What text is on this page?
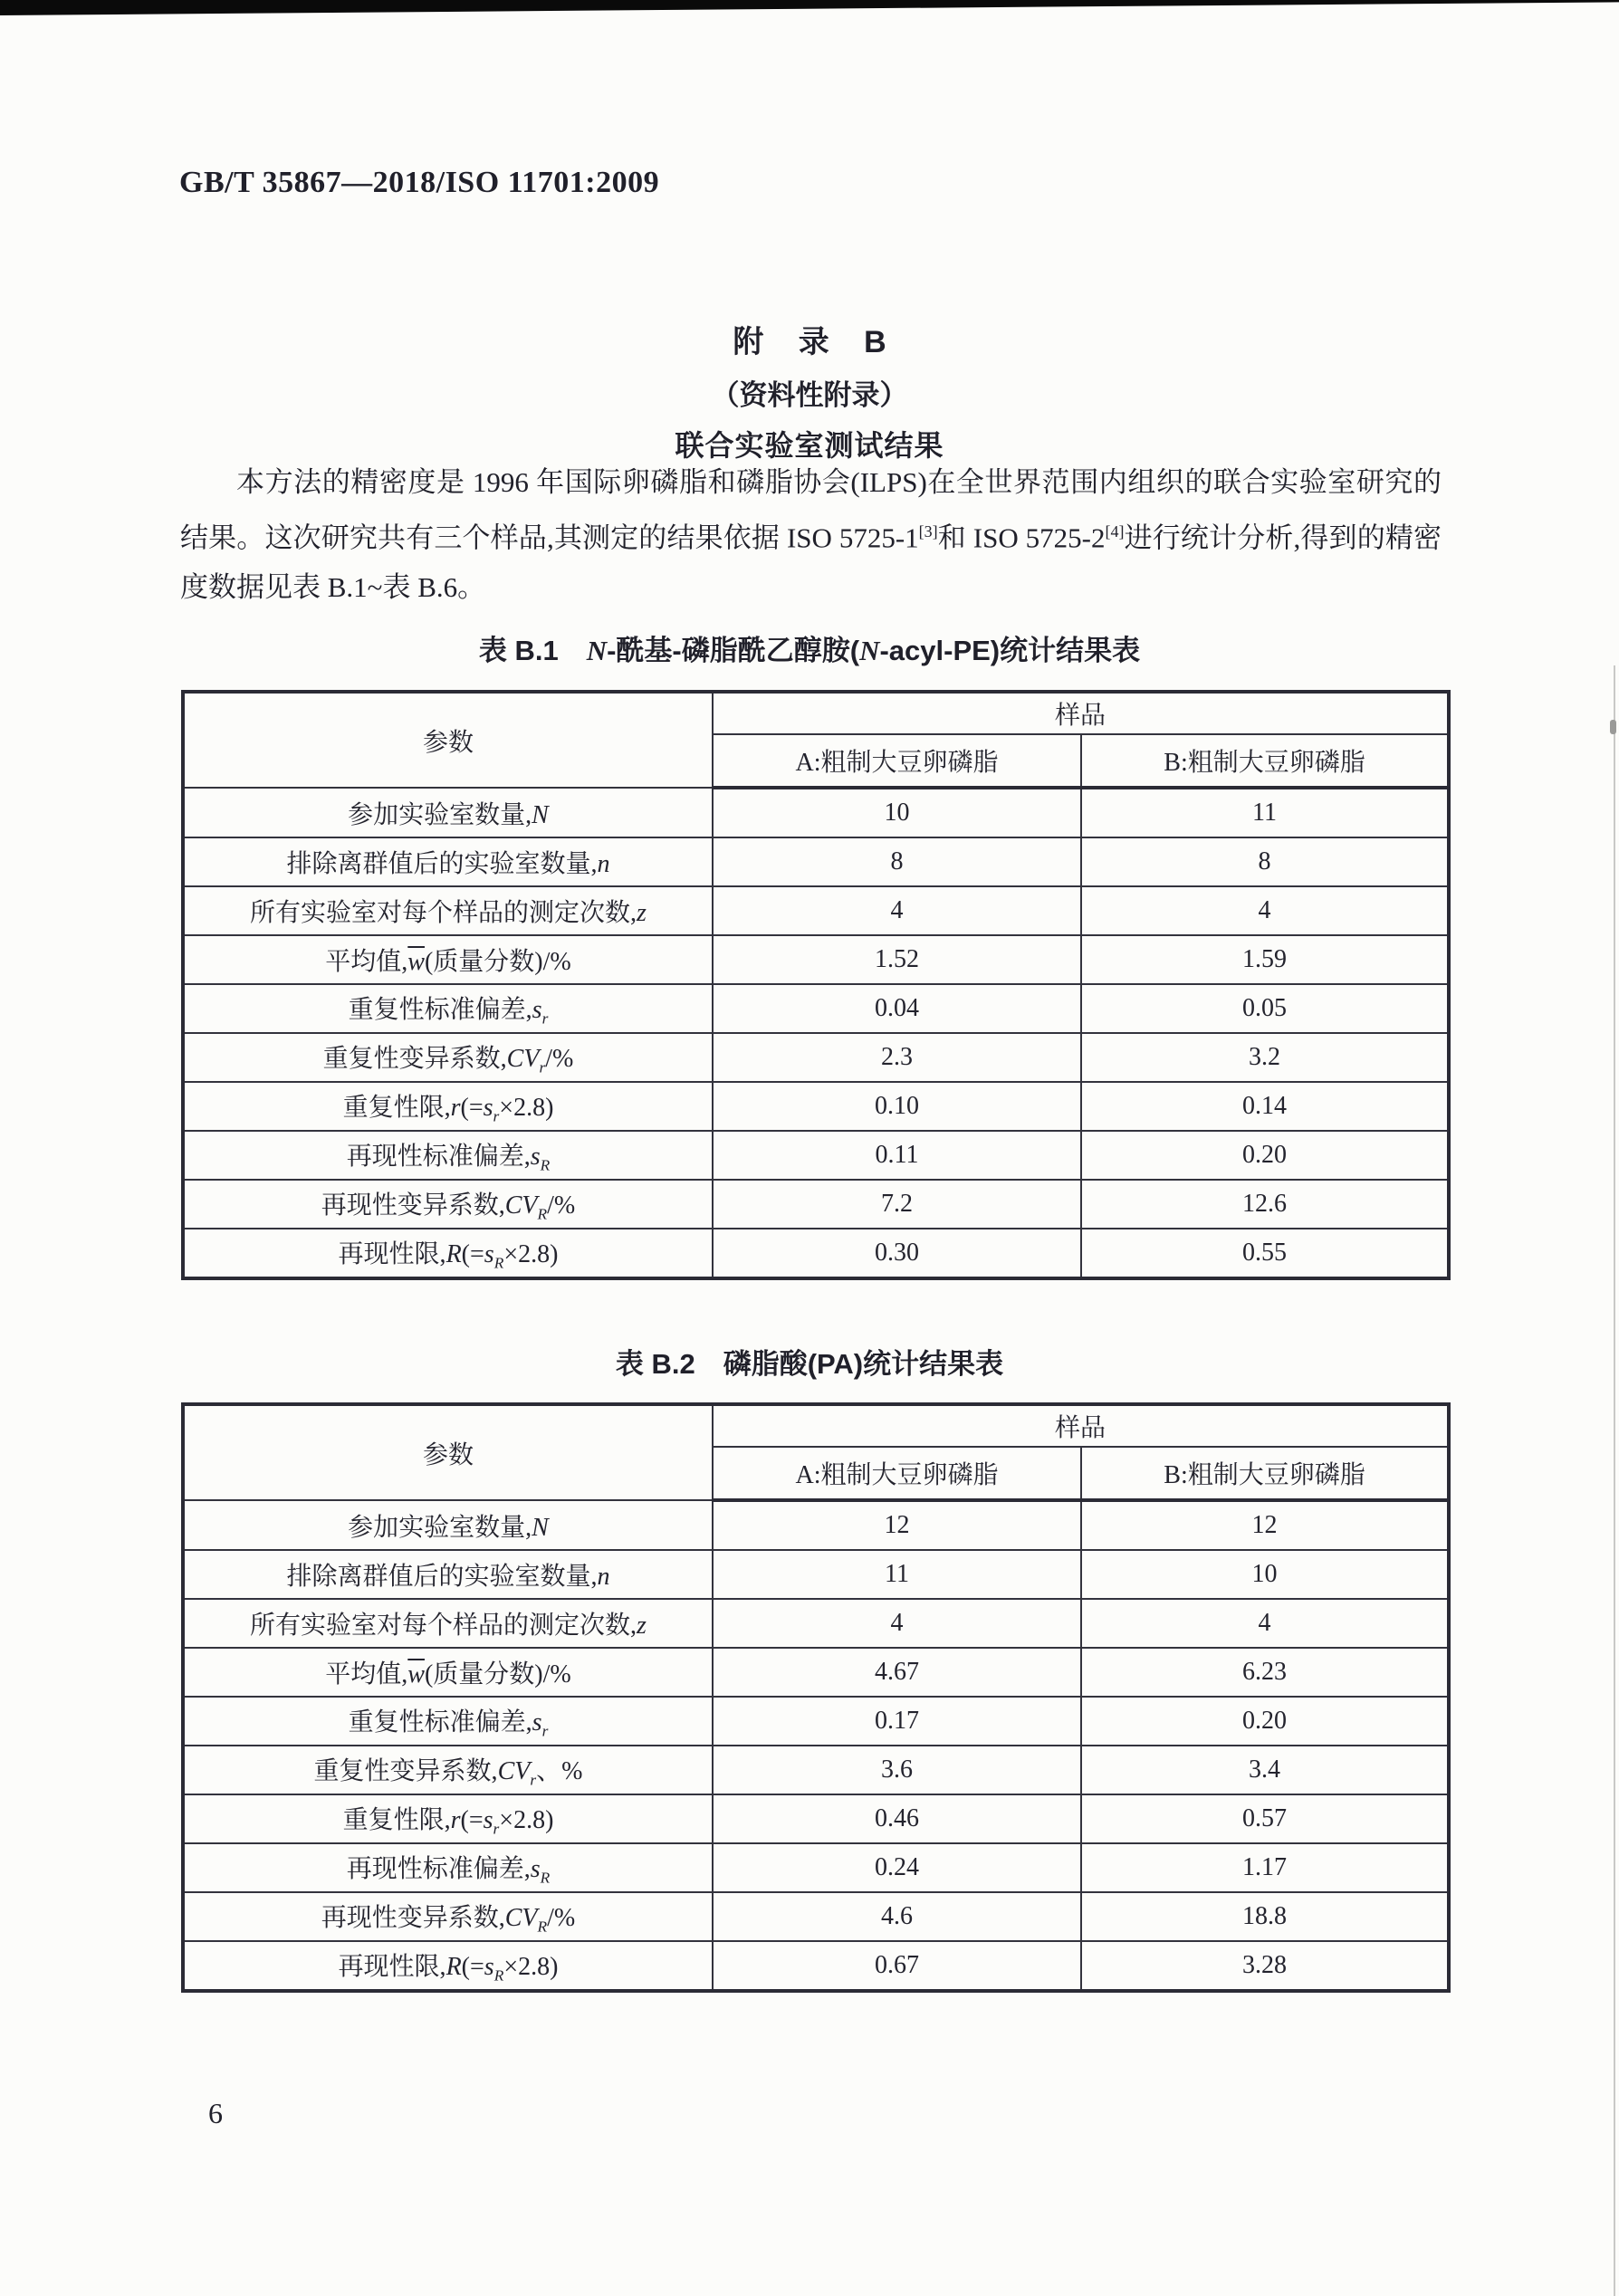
GB/T 35867—2018/ISO 11701:2009
附 录 B
（资料性附录）
联合实验室测试结果

本方法的精密度是 1996 年国际卵磷脂和磷脂协会(ILPS)在全世界范围内组织的联合实验室研究的结果。这次研究共有三个样品,其测定的结果依据 ISO 5725-1[3]和 ISO 5725-2[4]进行统计分析,得到的精密度数据见表 B.1~表 B.6。

表 B.1　N-酰基-磷脂酰乙醇胺(N-acyl-PE)统计结果表
参数	样品	
	A:粗制大豆卵磷脂	B:粗制大豆卵磷脂
参加实验室数量,N	10	11
排除离群值后的实验室数量,n	8	8
所有实验室对每个样品的测定次数,z	4	4
平均值$,\overline{w}$(质量分数)/%	1.52	1.59
重复性标准偏差$,s_r$	0.04	0.05
重复性变异系数$,CV_r/\%$	2.3	3.2
重复性限$,r(=s_r\times 2.8)$	0.10	0.14
再现性标准偏差$,s_R$	0.11	0.20
再现性变异系数$,CV_R/\%$	7.2	12.6
再现性限$,R(=s_R\times 2.8)$	0.30	0.55
表 B.2　磷脂酸(PA)统计结果表
参数	样品	
	A:粗制大豆卵磷脂	B:粗制大豆卵磷脂
参加实验室数量,N	12	12
排除离群值后的实验室数量,n	11	10
所有实验室对每个样品的测定次数,z	4	4
平均值$,\overline{w}$(质量分数)/%	4.67	6.23
重复性标准偏差$,s_r$	0.17	0.20
重复性变异系数$,CV_r$、%	3.6	3.4
重复性限$,r(=s_r\times 2.8)$	0.46	0.57
再现性标准偏差$,s_R$	0.24	1.17
再现性变异系数$,CV_R/\%$	4.6	18.8
再现性限$,R(=s_R\times 2.8)$	0.67	3.28
6
